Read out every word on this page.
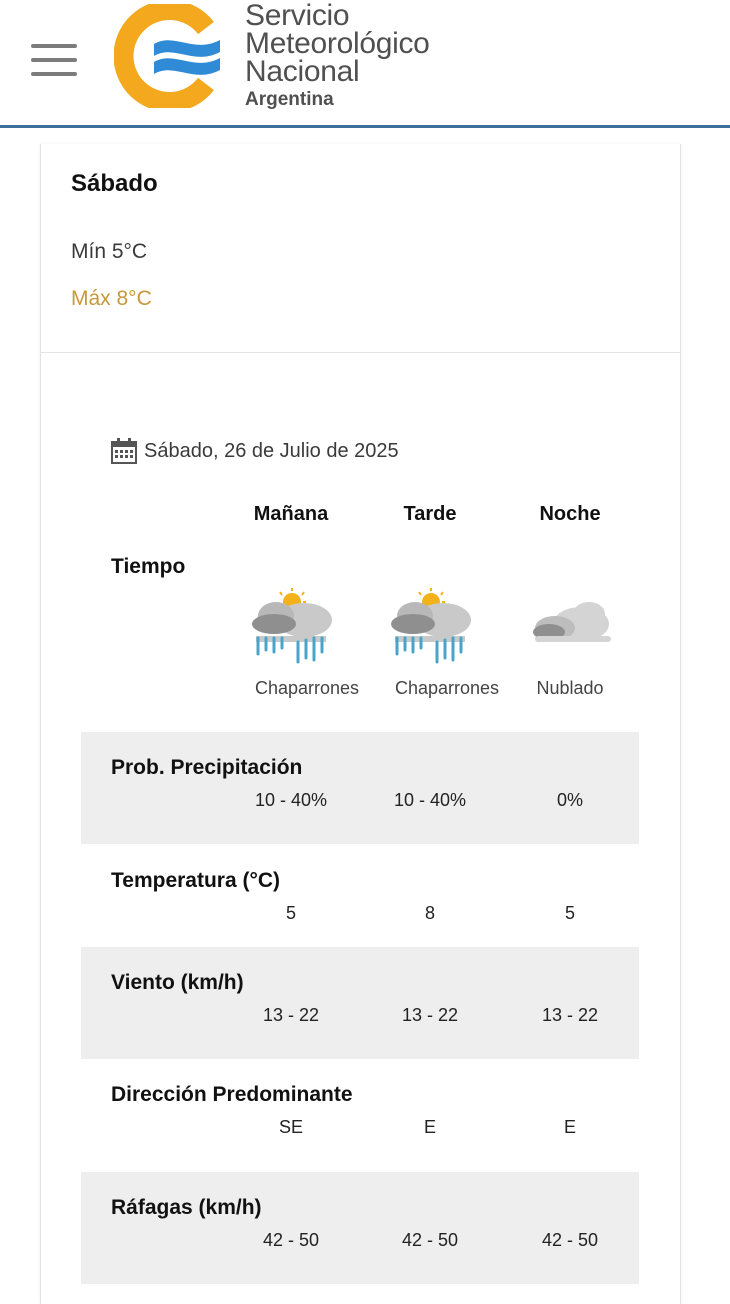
Servicio
Meteorológico
Nacional
Argentina
Sábado
Mín 5°C
Máx 8°C
Sábado, 26 de Julio de 2025
Mañana	Tarde	Noche
Tiempo
Chaparrones	Chaparrones	Nublado
Prob. Precipitación
10 - 40%	10 - 40%	0%
Temperatura (°C)
5	8	5
Viento (km/h)
13 - 22	13 - 22	13 - 22
Dirección Predominante
SE	E	E
Ráfagas (km/h)
42 - 50	42 - 50	42 - 50
